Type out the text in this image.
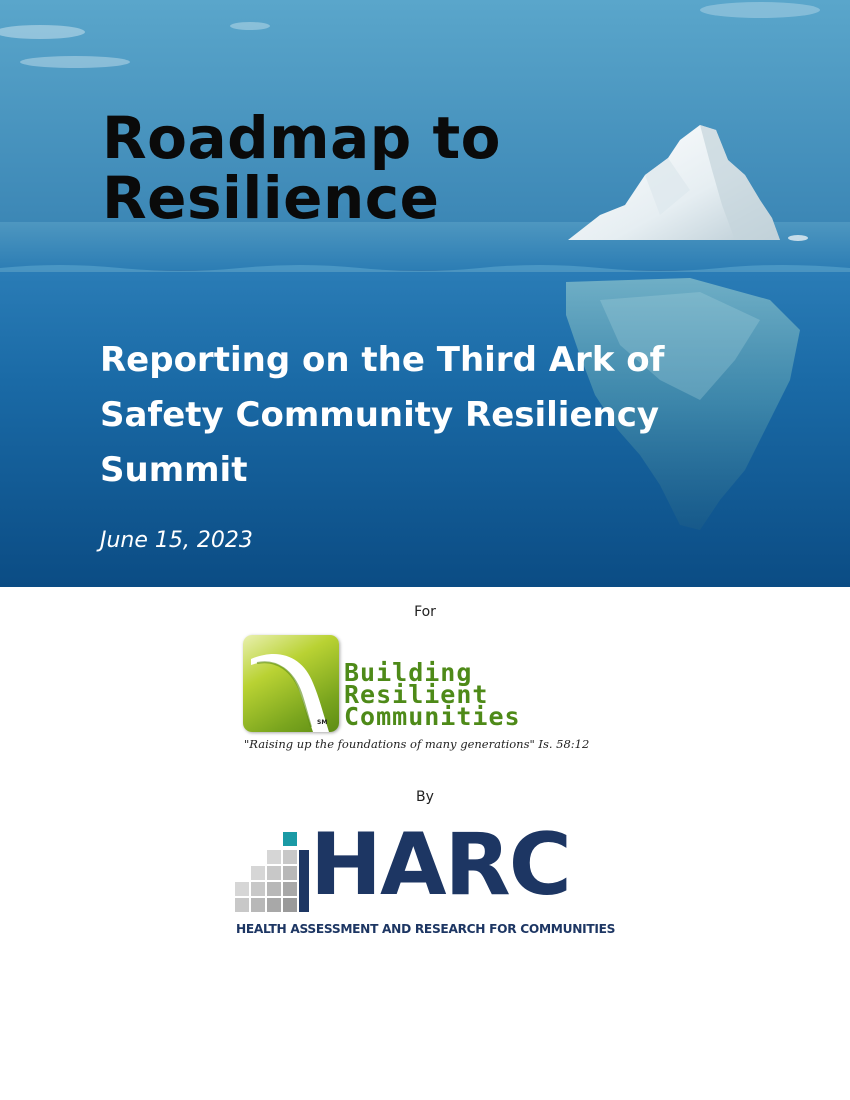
Roadmap to
Resilience

Reporting on the Third Ark of Safety Community Resiliency Summit

June 15, 2023
For
SM
Building
Resilient
Communities
"Raising up the foundations of many generations" Is. 58:12
By
HARC
HEALTH ASSESSMENT AND RESEARCH FOR COMMUNITIES
